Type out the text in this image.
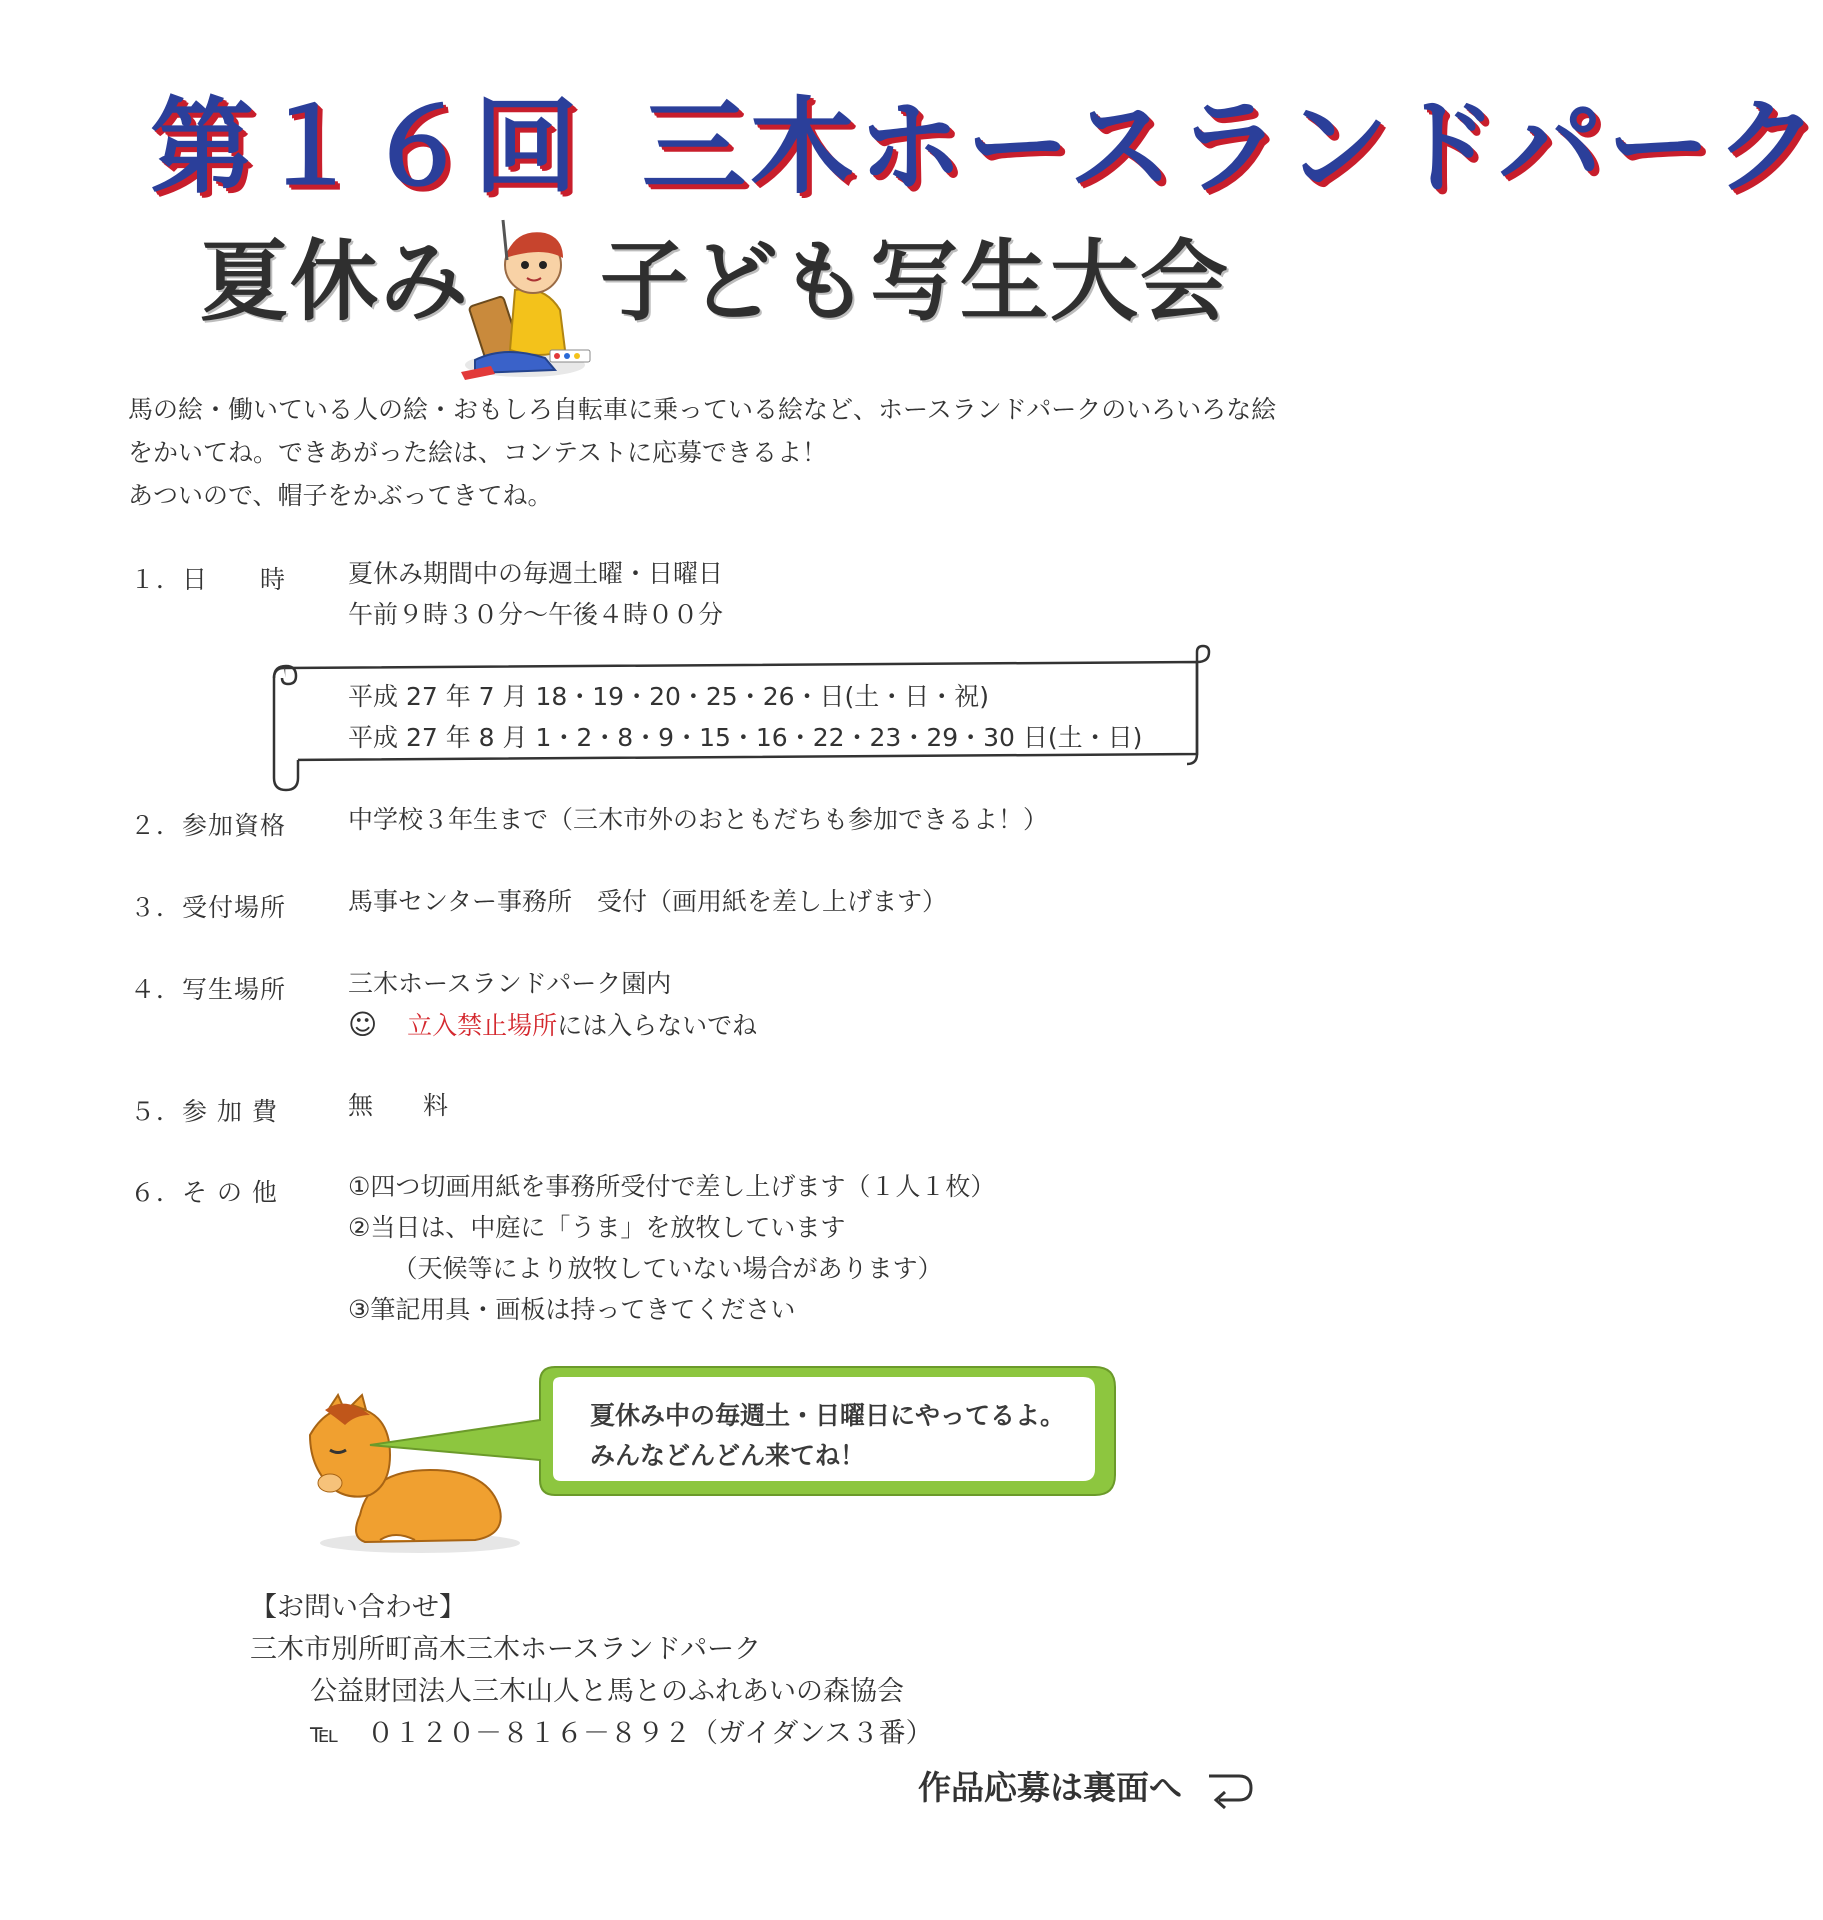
第１６回 三木ホースランドパーク
夏休み 子ども写生大会
馬の絵・働いている人の絵・おもしろ自転車に乗っている絵など、ホースランドパークのいろいろな絵
をかいてね。できあがった絵は、コンテストに応募できるよ！
あついので、帽子をかぶってきてね。
１．日　　時 夏休み期間中の毎週土曜・日曜日
午前９時３０分～午後４時００分
平成 27 年 7 月 18・19・20・25・26・日(土・日・祝)
平成 27 年 8 月 1・2・8・9・15・16・22・23・29・30 日(土・日)
２．参加資格 中学校３年生まで（三木市外のおともだちも参加できるよ！）
３．受付場所 馬事センター事務所　受付（画用紙を差し上げます）
４．写生場所 三木ホースランドパーク園内
☺ 立入禁止場所には入らないでね
５．参 加 費	無　　料
６．そ の 他	①四つ切画用紙を事務所受付で差し上げます（１人１枚）
②当日は、中庭に「うま」を放牧しています
　（天候等により放牧していない場合があります）
③筆記用具・画板は持ってきてください
夏休み中の毎週土・日曜日にやってるよ。
みんなどんどん来てね！
【お問い合わせ】
三木市別所町高木三木ホースランドパーク
公益財団法人三木山人と馬とのふれあいの森協会
℡ ０１２０－８１６－８９２（ガイダンス３番）
作品応募は裏面へ
